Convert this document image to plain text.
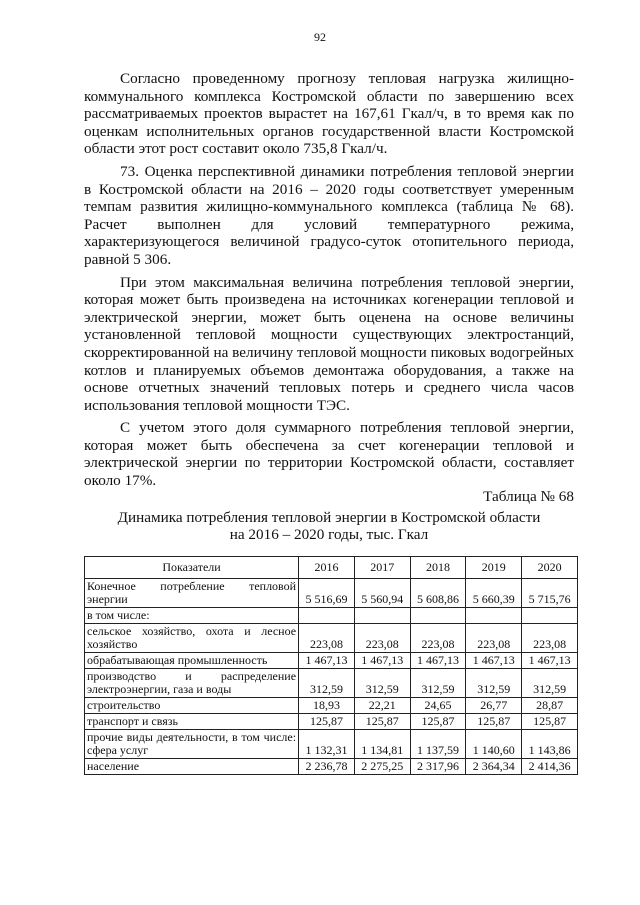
92

Согласно проведенному прогнозу тепловая нагрузка жилищно-коммунального комплекса Костромской области по завершению всех рассматриваемых проектов вырастет на 167,61 Гкал/ч, в то время как по оценкам исполнительных органов государственной власти Костромской области этот рост составит около 735,8 Гкал/ч.

73. Оценка перспективной динамики потребления тепловой энергии в Костромской области на 2016 – 2020 годы соответствует умеренным темпам развития жилищно-коммунального комплекса (таблица № 68). Расчет выполнен для условий температурного режима, характеризующегося величиной градусо-суток отопительного периода, равной 5 306.

При этом максимальная величина потребления тепловой энергии, которая может быть произведена на источниках когенерации тепловой и электрической энергии, может быть оценена на основе величины установленной тепловой мощности существующих электростанций, скорректированной на величину тепловой мощности пиковых водогрейных котлов и планируемых объемов демонтажа оборудования, а также на основе отчетных значений тепловых потерь и среднего числа часов использования тепловой мощности ТЭС.

С учетом этого доля суммарного потребления тепловой энергии, которая может быть обеспечена за счет когенерации тепловой и электрической энергии по территории Костромской области, составляет около 17%.

Таблица № 68
Динамика потребления тепловой энергии в Костромской области
на 2016 – 2020 годы, тыс. Гкал
Показатели	2016	2017	2018	2019	2020
Конечное потребление тепловой энергии	5 516,69	5 560,94	5 608,86	5 660,39	5 715,76
в том числе:					
сельское хозяйство, охота и лесное хозяйство	223,08	223,08	223,08	223,08	223,08
обрабатывающая промышленность	1 467,13	1 467,13	1 467,13	1 467,13	1 467,13
производство и распределение электроэнергии, газа и воды	312,59	312,59	312,59	312,59	312,59
строительство	18,93	22,21	24,65	26,77	28,87
транспорт и связь	125,87	125,87	125,87	125,87	125,87
прочие виды деятельности, в том числе: сфера услуг	1 132,31	1 134,81	1 137,59	1 140,60	1 143,86
население	2 236,78	2 275,25	2 317,96	2 364,34	2 414,36
